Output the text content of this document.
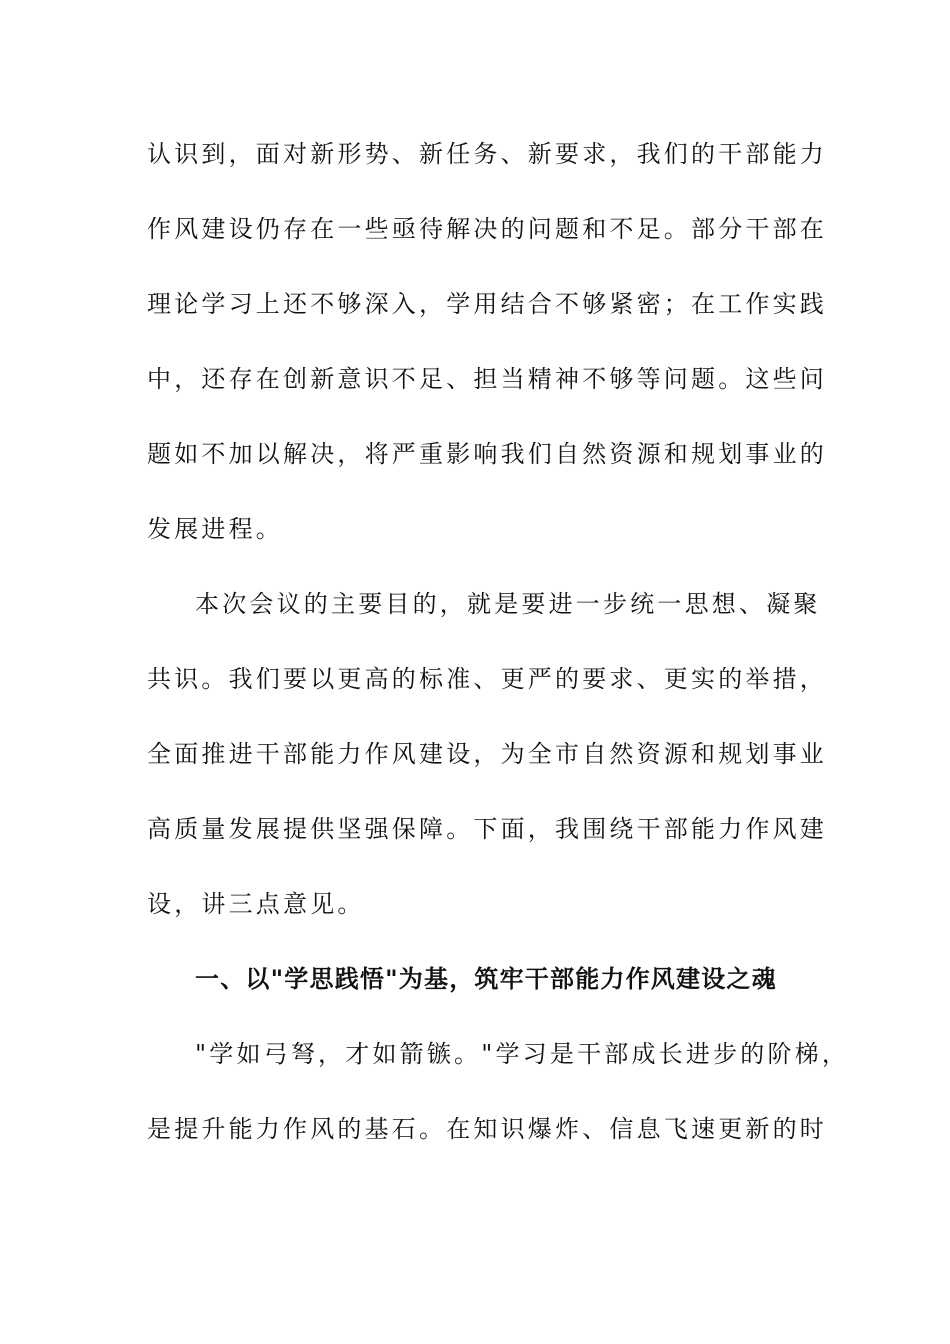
认识到，面对新形势、新任务、新要求，我们的干部能力
作风建设仍存在一些亟待解决的问题和不足。部分干部在
理论学习上还不够深入，学用结合不够紧密；在工作实践
中，还存在创新意识不足、担当精神不够等问题。这些问
题如不加以解决，将严重影响我们自然资源和规划事业的
发展进程。
本次会议的主要目的，就是要进一步统一思想、凝聚
共识。我们要以更高的标准、更严的要求、更实的举措，
全面推进干部能力作风建设，为全市自然资源和规划事业
高质量发展提供坚强保障。下面，我围绕干部能力作风建
设，讲三点意见。
一、以"学思践悟"为基，筑牢干部能力作风建设之魂
"学如弓弩，才如箭镞。"学习是干部成长进步的阶梯，
是提升能力作风的基石。在知识爆炸、信息飞速更新的时
